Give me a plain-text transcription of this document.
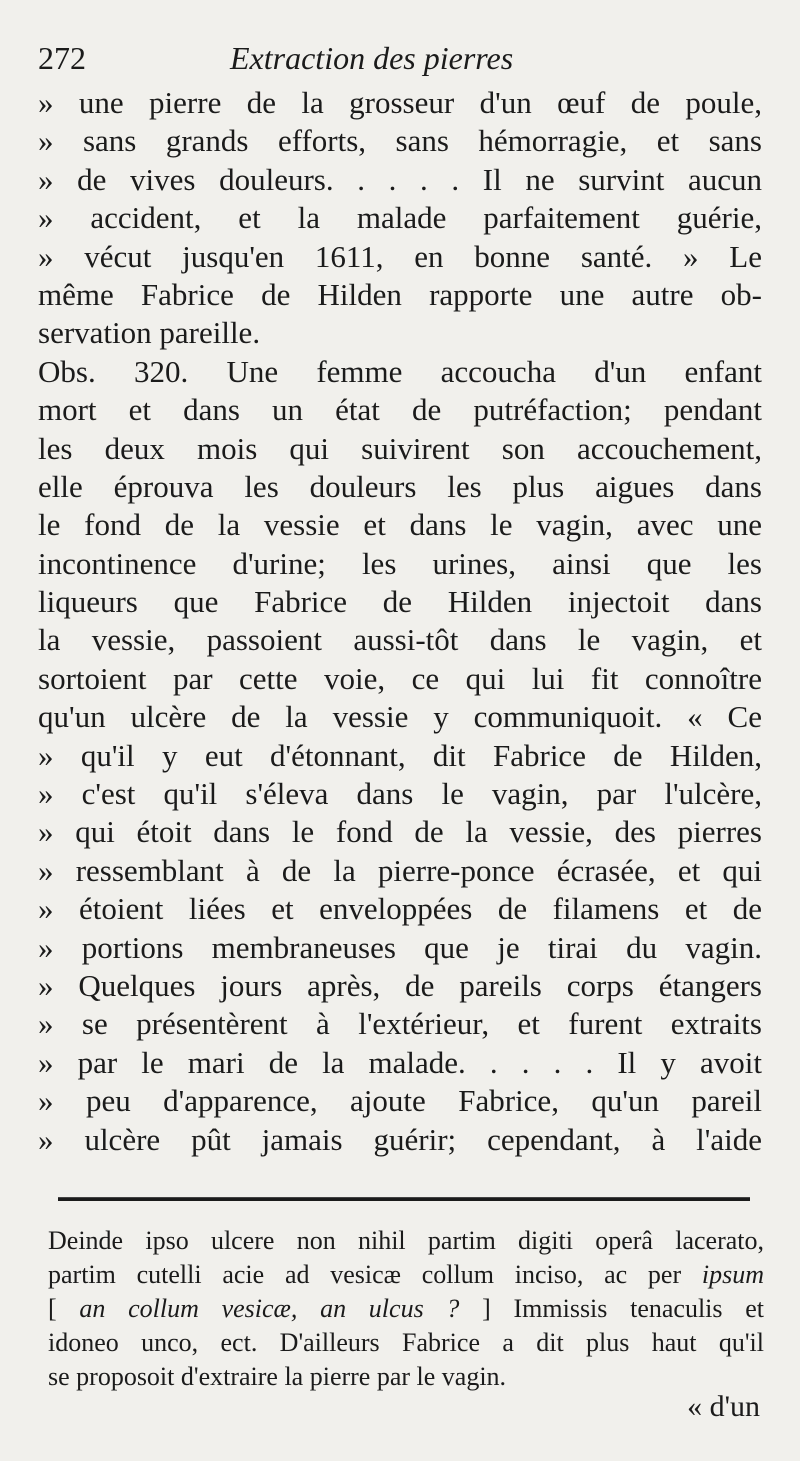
272	Extraction des pierres
» une pierre de la grosseur d'un œuf de poule,
» sans grands efforts, sans hémorragie, et sans
» de vives douleurs. . . . . Il ne survint aucun
» accident, et la malade parfaitement guérie,
» vécut jusqu'en 1611, en bonne santé. » Le
même Fabrice de Hilden rapporte une autre ob-
servation pareille.
Obs. 320. Une femme accoucha d'un enfant
mort et dans un état de putréfaction; pendant
les deux mois qui suivirent son accouchement,
elle éprouva les douleurs les plus aigues dans
le fond de la vessie et dans le vagin, avec une
incontinence d'urine; les urines, ainsi que les
liqueurs que Fabrice de Hilden injectoit dans
la vessie, passoient aussi-tôt dans le vagin, et
sortoient par cette voie, ce qui lui fit connoître
qu'un ulcère de la vessie y communiquoit. « Ce
» qu'il y eut d'étonnant, dit Fabrice de Hilden,
» c'est qu'il s'éleva dans le vagin, par l'ulcère,
» qui étoit dans le fond de la vessie, des pierres
» ressemblant à de la pierre-ponce écrasée, et qui
» étoient liées et enveloppées de filamens et de
» portions membraneuses que je tirai du vagin.
» Quelques jours après, de pareils corps étangers
» se présentèrent à l'extérieur, et furent extraits
» par le mari de la malade. . . . . Il y avoit
» peu d'apparence, ajoute Fabrice, qu'un pareil
» ulcère pût jamais guérir; cependant, à l'aide
Deinde ipso ulcere non nihil partim digiti operâ lacerato,
partim cutelli acie ad vesicæ collum inciso, ac per ipsum
[ an collum vesicæ, an ulcus ? ] Immissis tenaculis et
idoneo unco, ect. D'ailleurs Fabrice a dit plus haut qu'il
se proposoit d'extraire la pierre par le vagin.
« d'un
